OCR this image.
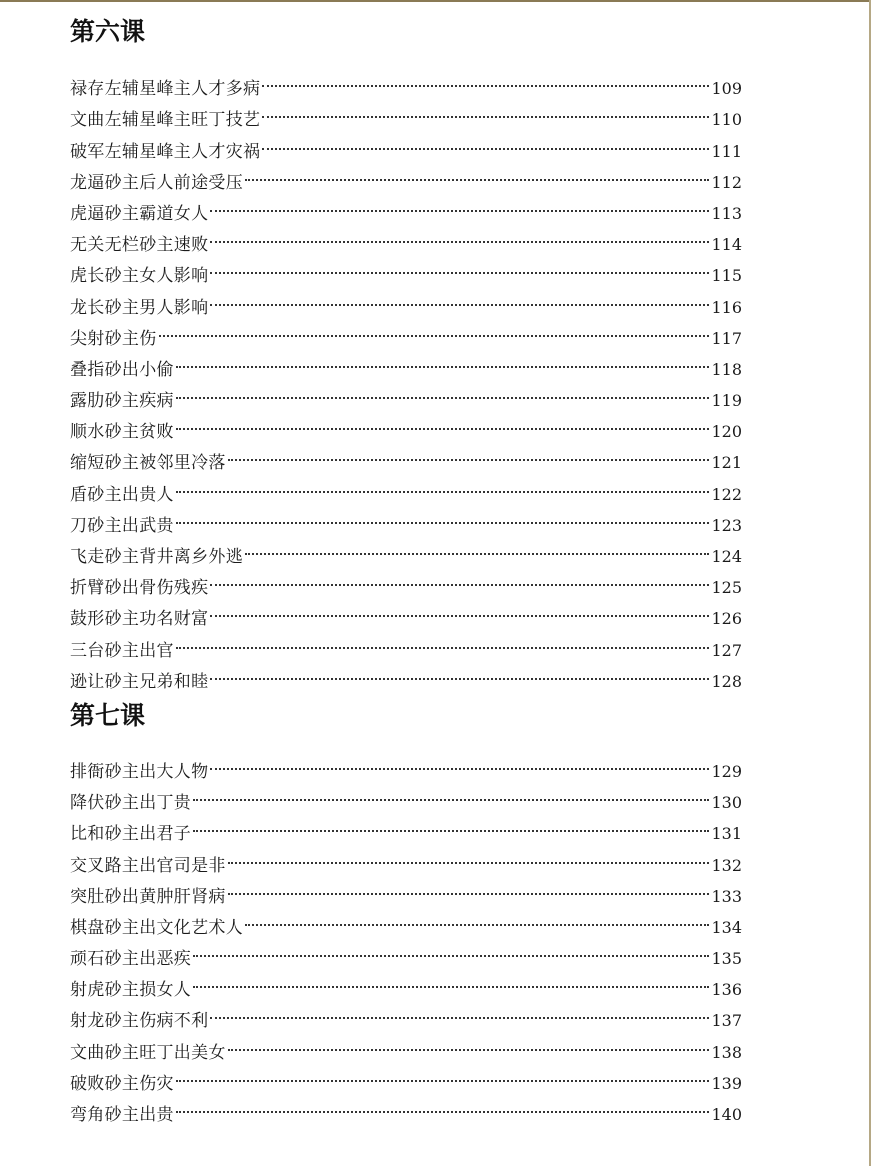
第六课
禄存左辅星峰主人才多病	109
文曲左辅星峰主旺丁技艺	110
破军左辅星峰主人才灾祸	111
龙逼砂主后人前途受压	112
虎逼砂主霸道女人	113
无关无栏砂主速败	114
虎长砂主女人影响	115
龙长砂主男人影响	116
尖射砂主伤	117
叠指砂出小偷	118
露肋砂主疾病	119
顺水砂主贫败	120
缩短砂主被邻里冷落	121
盾砂主出贵人	122
刀砂主出武贵	123
飞走砂主背井离乡外逃	124
折臂砂出骨伤残疾	125
鼓形砂主功名财富	126
三台砂主出官	127
逊让砂主兄弟和睦	128
第七课
排衙砂主出大人物	129
降伏砂主出丁贵	130
比和砂主出君子	131
交叉路主出官司是非	132
突肚砂出黄肿肝肾病	133
棋盘砂主出文化艺术人	134
顽石砂主出恶疾	135
射虎砂主损女人	136
射龙砂主伤病不利	137
文曲砂主旺丁出美女	138
破败砂主伤灾	139
弯角砂主出贵	140
